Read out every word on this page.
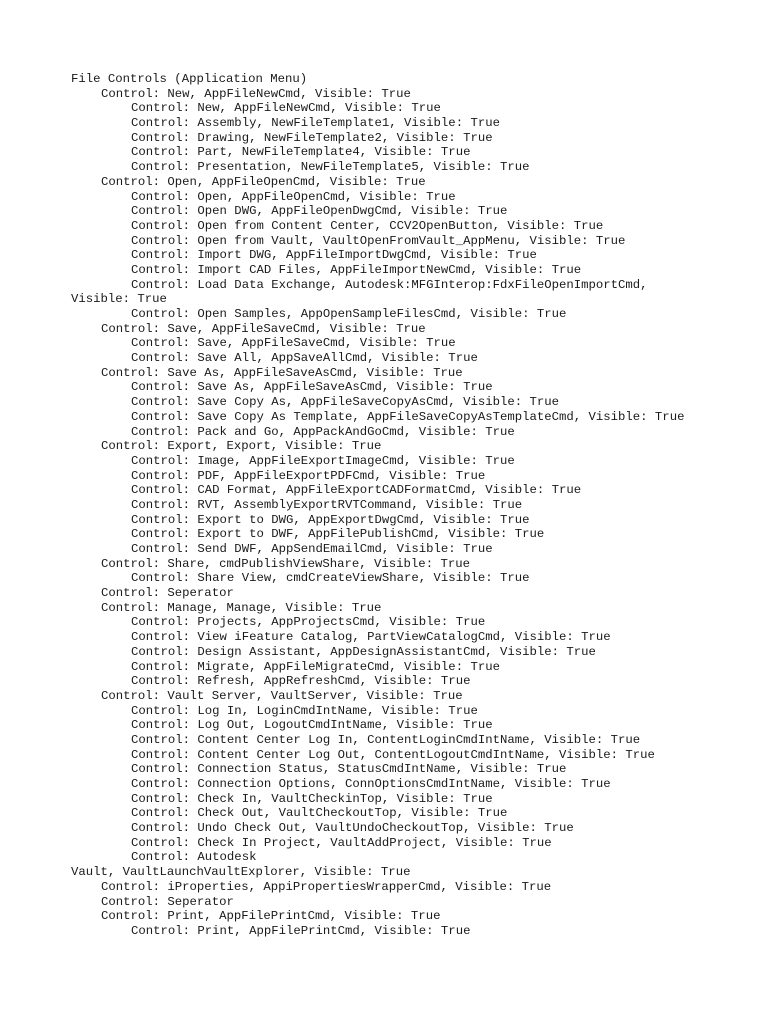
File Controls (Application Menu)
Control: New, AppFileNewCmd, Visible: True
Control: New, AppFileNewCmd, Visible: True
Control: Assembly, NewFileTemplate1, Visible: True
Control: Drawing, NewFileTemplate2, Visible: True
Control: Part, NewFileTemplate4, Visible: True
Control: Presentation, NewFileTemplate5, Visible: True
Control: Open, AppFileOpenCmd, Visible: True
Control: Open, AppFileOpenCmd, Visible: True
Control: Open DWG, AppFileOpenDwgCmd, Visible: True
Control: Open from Content Center, CCV2OpenButton, Visible: True
Control: Open from Vault, VaultOpenFromVault_AppMenu, Visible: True
Control: Import DWG, AppFileImportDwgCmd, Visible: True
Control: Import CAD Files, AppFileImportNewCmd, Visible: True
Control: Load Data Exchange, Autodesk:MFGInterop:FdxFileOpenImportCmd,
Visible: True
Control: Open Samples, AppOpenSampleFilesCmd, Visible: True
Control: Save, AppFileSaveCmd, Visible: True
Control: Save, AppFileSaveCmd, Visible: True
Control: Save All, AppSaveAllCmd, Visible: True
Control: Save As, AppFileSaveAsCmd, Visible: True
Control: Save As, AppFileSaveAsCmd, Visible: True
Control: Save Copy As, AppFileSaveCopyAsCmd, Visible: True
Control: Save Copy As Template, AppFileSaveCopyAsTemplateCmd, Visible: True
Control: Pack and Go, AppPackAndGoCmd, Visible: True
Control: Export, Export, Visible: True
Control: Image, AppFileExportImageCmd, Visible: True
Control: PDF, AppFileExportPDFCmd, Visible: True
Control: CAD Format, AppFileExportCADFormatCmd, Visible: True
Control: RVT, AssemblyExportRVTCommand, Visible: True
Control: Export to DWG, AppExportDwgCmd, Visible: True
Control: Export to DWF, AppFilePublishCmd, Visible: True
Control: Send DWF, AppSendEmailCmd, Visible: True
Control: Share, cmdPublishViewShare, Visible: True
Control: Share View, cmdCreateViewShare, Visible: True
Control: Seperator
Control: Manage, Manage, Visible: True
Control: Projects, AppProjectsCmd, Visible: True
Control: View iFeature Catalog, PartViewCatalogCmd, Visible: True
Control: Design Assistant, AppDesignAssistantCmd, Visible: True
Control: Migrate, AppFileMigrateCmd, Visible: True
Control: Refresh, AppRefreshCmd, Visible: True
Control: Vault Server, VaultServer, Visible: True
Control: Log In, LoginCmdIntName, Visible: True
Control: Log Out, LogoutCmdIntName, Visible: True
Control: Content Center Log In, ContentLoginCmdIntName, Visible: True
Control: Content Center Log Out, ContentLogoutCmdIntName, Visible: True
Control: Connection Status, StatusCmdIntName, Visible: True
Control: Connection Options, ConnOptionsCmdIntName, Visible: True
Control: Check In, VaultCheckinTop, Visible: True
Control: Check Out, VaultCheckoutTop, Visible: True
Control: Undo Check Out, VaultUndoCheckoutTop, Visible: True
Control: Check In Project, VaultAddProject, Visible: True
Control: Autodesk
Vault, VaultLaunchVaultExplorer, Visible: True
Control: iProperties, AppiPropertiesWrapperCmd, Visible: True
Control: Seperator
Control: Print, AppFilePrintCmd, Visible: True
Control: Print, AppFilePrintCmd, Visible: True
